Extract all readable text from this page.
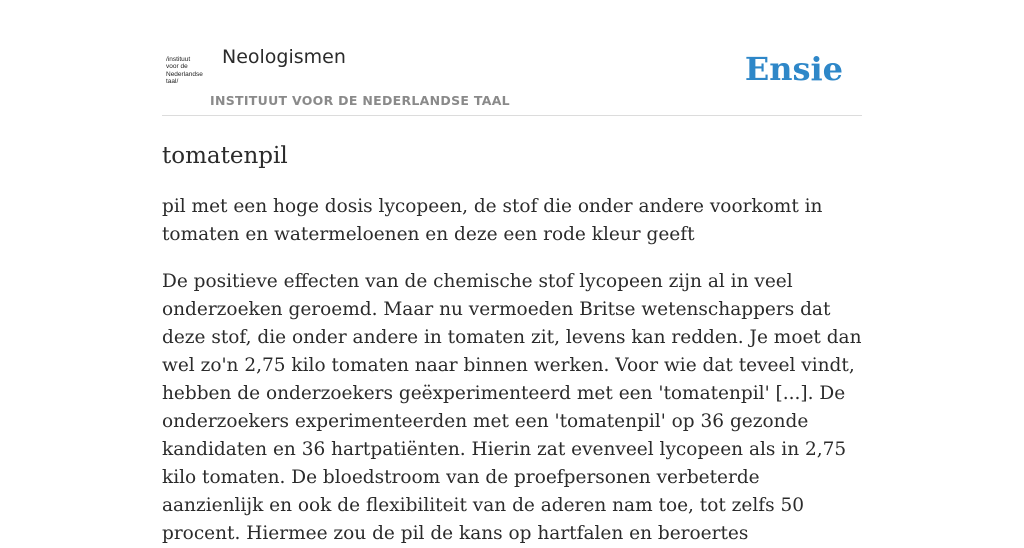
/instituut
voor de
Nederlandse
taal/
Neologismen
INSTITUUT VOOR DE NEDERLANDSE TAAL
Ensie
tomatenpil

pil met een hoge dosis lycopeen, de stof die onder andere voorkomt in tomaten en watermeloenen en deze een rode kleur geeft

De positieve effecten van de chemische stof lycopeen zijn al in veel onderzoeken geroemd. Maar nu vermoeden Britse wetenschappers dat deze stof, die onder andere in tomaten zit, levens kan redden. Je moet dan wel zo'n 2,75 kilo tomaten naar binnen werken. Voor wie dat teveel vindt, hebben de onderzoekers geëxperimenteerd met een 'tomatenpil' [...]. De onderzoekers experimenteerden met een 'tomatenpil' op 36 gezonde kandidaten en 36 hartpatiënten. Hierin zat evenveel lycopeen als in 2,75 kilo tomaten. De bloedstroom van de proefpersonen verbeterde aanzienlijk en ook de flexibiliteit van de aderen nam toe, tot zelfs 50 procent. Hiermee zou de pil de kans op hartfalen en beroertes
